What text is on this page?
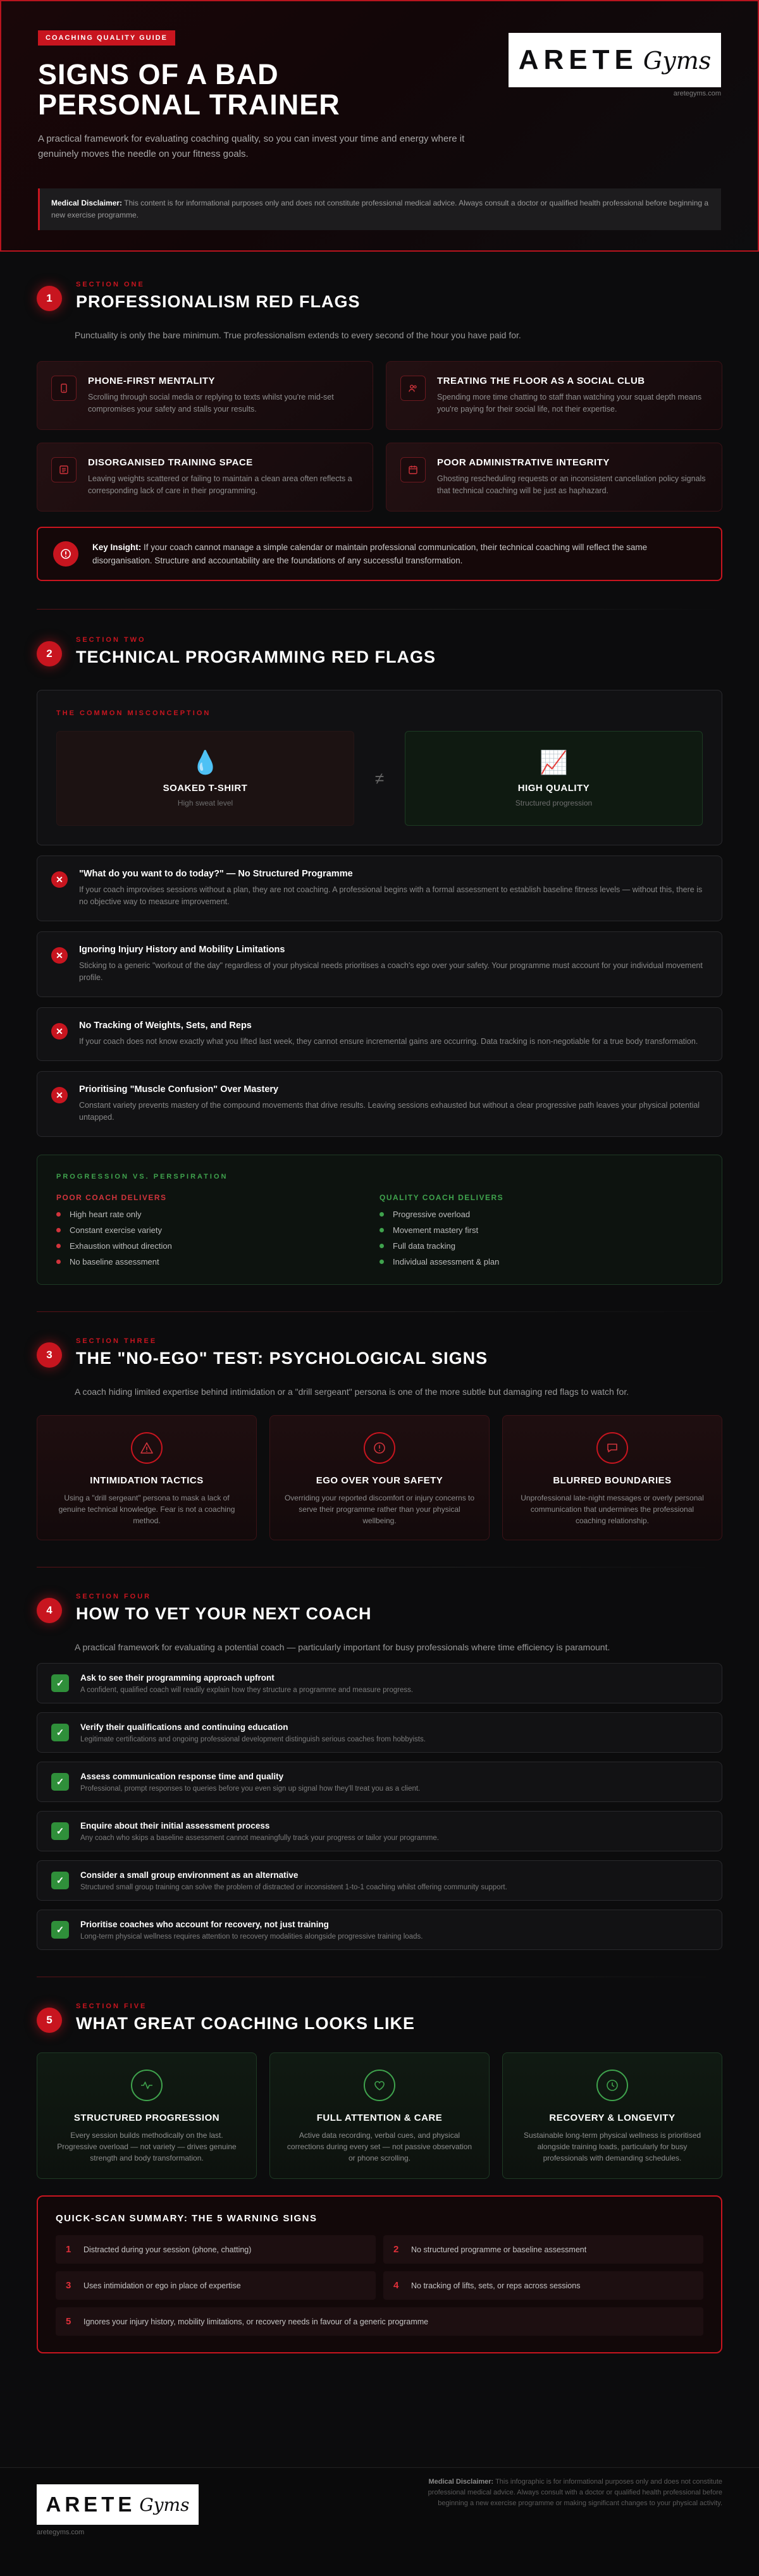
COACHING QUALITY GUIDE
SIGNS OF A BAD PERSONAL TRAINER

A practical framework for evaluating coaching quality, so you can invest your time and energy where it genuinely moves the needle on your fitness goals.

ARETE Gyms
aretegyms.com
Medical Disclaimer: This content is for informational purposes only and does not constitute professional medical advice. Always consult a doctor or qualified health professional before beginning a new exercise programme.
1
SECTION ONE
PROFESSIONALISM RED FLAGS

Punctuality is only the bare minimum. True professionalism extends to every second of the hour you have paid for.

PHONE-FIRST MENTALITY

Scrolling through social media or replying to texts whilst you're mid-set compromises your safety and stalls your results.

TREATING THE FLOOR AS A SOCIAL CLUB

Spending more time chatting to staff than watching your squat depth means you're paying for their social life, not their expertise.

DISORGANISED TRAINING SPACE

Leaving weights scattered or failing to maintain a clean area often reflects a corresponding lack of care in their programming.

POOR ADMINISTRATIVE INTEGRITY

Ghosting rescheduling requests or an inconsistent cancellation policy signals that technical coaching will be just as haphazard.

Key Insight: If your coach cannot manage a simple calendar or maintain professional communication, their technical coaching will reflect the same disorganisation. Structure and accountability are the foundations of any successful transformation.

2
SECTION TWO
TECHNICAL PROGRAMMING RED FLAGS
THE COMMON MISCONCEPTION
💧
SOAKED T-SHIRT
High sweat level
≠
📈
HIGH QUALITY
Structured progression
✕
"What do you want to do today?" — No Structured Programme

If your coach improvises sessions without a plan, they are not coaching. A professional begins with a formal assessment to establish baseline fitness levels — without this, there is no objective way to measure improvement.

✕
Ignoring Injury History and Mobility Limitations

Sticking to a generic "workout of the day" regardless of your physical needs prioritises a coach's ego over your safety. Your programme must account for your individual movement profile.

✕
No Tracking of Weights, Sets, and Reps

If your coach does not know exactly what you lifted last week, they cannot ensure incremental gains are occurring. Data tracking is non-negotiable for a true body transformation.

✕
Prioritising "Muscle Confusion" Over Mastery

Constant variety prevents mastery of the compound movements that drive results. Leaving sessions exhausted but without a clear progressive path leaves your physical potential untapped.

PROGRESSION VS. PERSPIRATION
POOR COACH DELIVERS
High heart rate only
Constant exercise variety
Exhaustion without direction
No baseline assessment
QUALITY COACH DELIVERS
Progressive overload
Movement mastery first
Full data tracking
Individual assessment & plan
3
SECTION THREE
THE "NO-EGO" TEST: PSYCHOLOGICAL SIGNS

A coach hiding limited expertise behind intimidation or a "drill sergeant" persona is one of the more subtle but damaging red flags to watch for.

INTIMIDATION TACTICS

Using a "drill sergeant" persona to mask a lack of genuine technical knowledge. Fear is not a coaching method.

EGO OVER YOUR SAFETY

Overriding your reported discomfort or injury concerns to serve their programme rather than your physical wellbeing.

BLURRED BOUNDARIES

Unprofessional late-night messages or overly personal communication that undermines the professional coaching relationship.

4
SECTION FOUR
HOW TO VET YOUR NEXT COACH

A practical framework for evaluating a potential coach — particularly important for busy professionals where time efficiency is paramount.

✓
Ask to see their programming approach upfront

A confident, qualified coach will readily explain how they structure a programme and measure progress.

✓
Verify their qualifications and continuing education

Legitimate certifications and ongoing professional development distinguish serious coaches from hobbyists.

✓
Assess communication response time and quality

Professional, prompt responses to queries before you even sign up signal how they'll treat you as a client.

✓
Enquire about their initial assessment process

Any coach who skips a baseline assessment cannot meaningfully track your progress or tailor your programme.

✓
Consider a small group environment as an alternative

Structured small group training can solve the problem of distracted or inconsistent 1-to-1 coaching whilst offering community support.

✓
Prioritise coaches who account for recovery, not just training

Long-term physical wellness requires attention to recovery modalities alongside progressive training loads.

5
SECTION FIVE
WHAT GREAT COACHING LOOKS LIKE
STRUCTURED PROGRESSION

Every session builds methodically on the last. Progressive overload — not variety — drives genuine strength and body transformation.

FULL ATTENTION & CARE

Active data recording, verbal cues, and physical corrections during every set — not passive observation or phone scrolling.

RECOVERY & LONGEVITY

Sustainable long-term physical wellness is prioritised alongside training loads, particularly for busy professionals with demanding schedules.

QUICK-SCAN SUMMARY: THE 5 WARNING SIGNS
1	Distracted during your session (phone, chatting)	2	No structured programme or baseline assessment
3	Uses intimidation or ego in place of expertise	4	No tracking of lifts, sets, or reps across sessions
5	Ignores your injury history, mobility limitations, or recovery needs in favour of a generic programme
ARETE Gyms
aretegyms.com

Medical Disclaimer: This infographic is for informational purposes only and does not constitute professional medical advice. Always consult with a doctor or qualified health professional before beginning a new exercise programme or making significant changes to your physical activity.
